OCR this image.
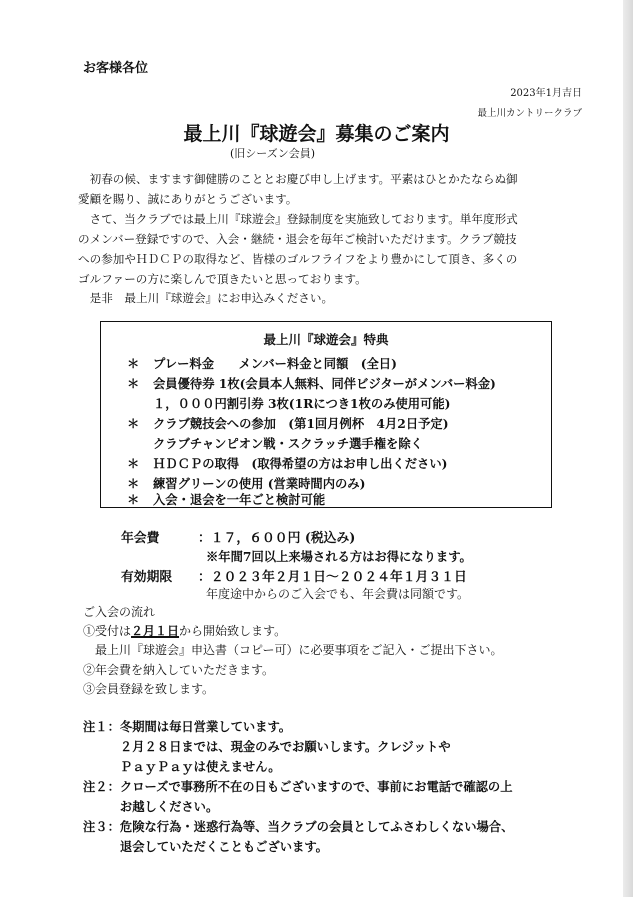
お客様各位
2023年1月吉日
最上川カントリークラブ
最上川『球遊会』募集のご案内
(旧シーズン会員)
　初春の候、ますます御健勝のこととお慶び申し上げます。平素はひとかたならぬ御
愛顧を賜り、誠にありがとうございます。
　さて、当クラブでは最上川『球遊会』登録制度を実施致しております。単年度形式
のメンバー登録ですので、入会・継続・退会を毎年ご検討いただけます。クラブ競技
への参加やＨＤＣＰの取得など、皆様のゴルフライフをより豊かにして頂き、多くの
ゴルファーの方に楽しんで頂きたいと思っております。
　是非　最上川『球遊会』にお申込みください。
最上川『球遊会』特典
＊ プレー料金　　メンバー料金と同額　(全日)
＊ 会員優待券 1枚(会員本人無料、同伴ビジターがメンバー料金)
１，０００円割引券 3枚(1Rにつき1枚のみ使用可能)
＊ クラブ競技会への参加　(第1回月例杯　4月2日予定)
クラブチャンピオン戦・スクラッチ選手権を除く
＊ ＨＤＣＰの取得　(取得希望の方はお申し出ください)
＊ 練習グリーンの使用 (営業時間内のみ)
＊ 入会・退会を一年ごと検討可能
年会費	：１７，６００円 (税込み)
※年間7回以上来場される方はお得になります。
有効期限 ：２０２３年２月１日～２０２４年１月３１日
年度途中からのご入会でも、年会費は同額です。
ご入会の流れ
①受付は２月１日から開始致します。
　最上川『球遊会』申込書（コピー可）に必要事項をご記入・ご提出下さい。
②年会費を納入していただきます。
③会員登録を致します。
注１：冬期間は毎日営業しています。
　　　２月２８日までは、現金のみでお願いします。クレジットや
　　　ＰａｙＰａｙは使えません。
注２：クローズで事務所不在の日もございますので、事前にお電話で確認の上
　　　お越しください。
注３：危険な行為・迷惑行為等、当クラブの会員としてふさわしくない場合、
　　　退会していただくこともございます。
